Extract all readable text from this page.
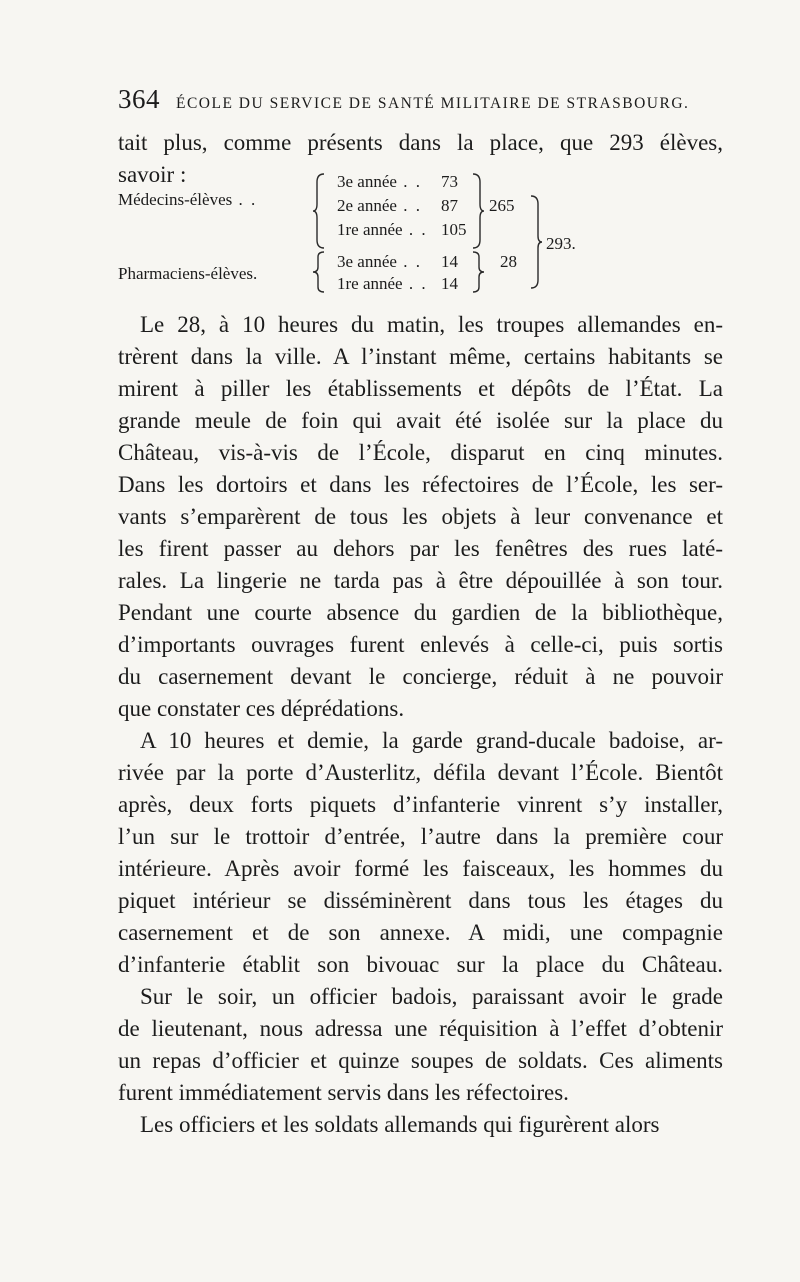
364 ÉCOLE DU SERVICE DE SANTÉ MILITAIRE DE STRASBOURG.
tait plus, comme présents dans la place, que 293 élèves,
savoir :
Médecins-élèves . .
Pharmaciens-élèves.
3e année . . 73
2e année . . 87
1re année . . 105
3e année . . 14
1re année . . 14
265
28
293.
Le 28, à 10 heures du matin, les troupes allemandes en-
trèrent dans la ville. A l’instant même, certains habitants se
mirent à piller les établissements et dépôts de l’État. La
grande meule de foin qui avait été isolée sur la place du
Château, vis-à-vis de l’École, disparut en cinq minutes.
Dans les dortoirs et dans les réfectoires de l’École, les ser-
vants s’emparèrent de tous les objets à leur convenance et
les firent passer au dehors par les fenêtres des rues laté-
rales. La lingerie ne tarda pas à être dépouillée à son tour.
Pendant une courte absence du gardien de la bibliothèque,
d’importants ouvrages furent enlevés à celle-ci, puis sortis
du casernement devant le concierge, réduit à ne pouvoir
que constater ces déprédations.
A 10 heures et demie, la garde grand-ducale badoise, ar-
rivée par la porte d’Austerlitz, défila devant l’École. Bientôt
après, deux forts piquets d’infanterie vinrent s’y installer,
l’un sur le trottoir d’entrée, l’autre dans la première cour
intérieure. Après avoir formé les faisceaux, les hommes du
piquet intérieur se disséminèrent dans tous les étages du
casernement et de son annexe. A midi, une compagnie
d’infanterie établit son bivouac sur la place du Château.
Sur le soir, un officier badois, paraissant avoir le grade
de lieutenant, nous adressa une réquisition à l’effet d’obtenir
un repas d’officier et quinze soupes de soldats. Ces aliments
furent immédiatement servis dans les réfectoires.
Les officiers et les soldats allemands qui figurèrent alors
